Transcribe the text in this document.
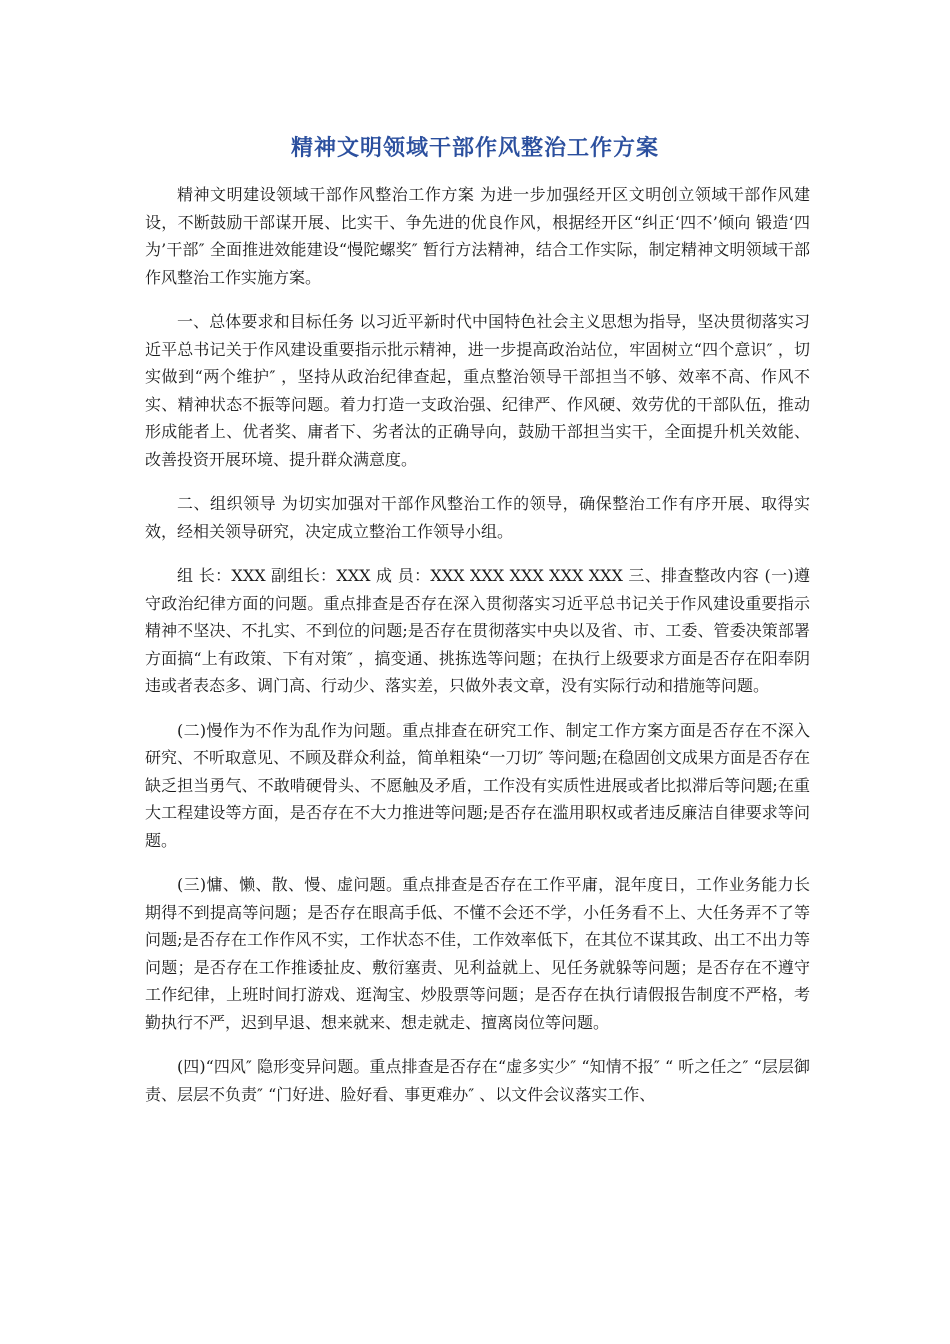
精神文明领域干部作风整治工作方案

精神文明建设领域干部作风整治工作方案 为进一步加强经开区文明创立领域干部作风建设，不断鼓励干部谋开展、比实干、争先进的优良作风，根据经开区“纠正‘四不’倾向 锻造‘四为’干部″ 全面推进效能建设“慢陀螺奖″ 暂行方法精神，结合工作实际，制定精神文明领域干部作风整治工作实施方案。

一、总体要求和目标任务 以习近平新时代中国特色社会主义思想为指导，坚决贯彻落实习近平总书记关于作风建设重要指示批示精神，进一步提高政治站位，牢固树立“四个意识″ ，切实做到“两个维护″ ，坚持从政治纪律查起，重点整治领导干部担当不够、效率不高、作风不实、精神状态不振等问题。着力打造一支政治强、纪律严、作风硬、效劳优的干部队伍，推动形成能者上、优者奖、庸者下、劣者汰的正确导向，鼓励干部担当实干，全面提升机关效能、改善投资开展环境、提升群众满意度。

二、组织领导 为切实加强对干部作风整治工作的领导，确保整治工作有序开展、取得实效，经相关领导研究，决定成立整治工作领导小组。

组 长：XXX 副组长：XXX 成 员：XXX XXX XXX XXX XXX 三、排查整改内容 (一)遵守政治纪律方面的问题。重点排查是否存在深入贯彻落实习近平总书记关于作风建设重要指示精神不坚决、不扎实、不到位的问题;是否存在贯彻落实中央以及省、市、工委、管委决策部署方面搞“上有政策、下有对策″ ，搞变通、挑拣选等问题；在执行上级要求方面是否存在阳奉阴违或者表态多、调门高、行动少、落实差，只做外表文章，没有实际行动和措施等问题。

(二)慢作为不作为乱作为问题。重点排查在研究工作、制定工作方案方面是否存在不深入研究、不听取意见、不顾及群众利益，简单粗染“一刀切″ 等问题;在稳固创文成果方面是否存在缺乏担当勇气、不敢啃硬骨头、不愿触及矛盾，工作没有实质性进展或者比拟滞后等问题;在重大工程建设等方面，是否存在不大力推进等问题;是否存在滥用职权或者违反廉洁自律要求等问题。

(三)慵、懒、散、慢、虚问题。重点排查是否存在工作平庸，混年度日，工作业务能力长期得不到提高等问题；是否存在眼高手低、不懂不会还不学，小任务看不上、大任务弄不了等问题;是否存在工作作风不实，工作状态不佳，工作效率低下，在其位不谋其政、出工不出力等问题；是否存在工作推诿扯皮、敷衍塞责、见利益就上、见任务就躲等问题；是否存在不遵守工作纪律，上班时间打游戏、逛淘宝、炒股票等问题；是否存在执行请假报告制度不严格，考勤执行不严，迟到早退、想来就来、想走就走、擅离岗位等问题。

(四)“四风″ 隐形变异问题。重点排查是否存在“虚多实少″ “知情不报″ “ 听之任之″ “层层御责、层层不负责″ “门好进、脸好看、事更难办″ 、以文件会议落实工作、
